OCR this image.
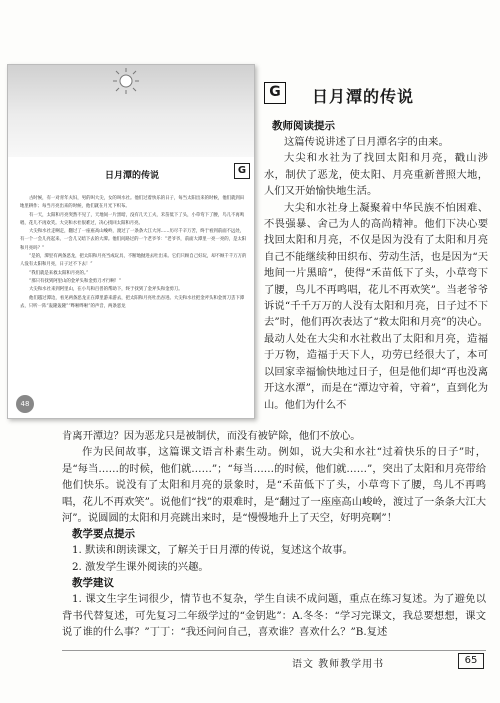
日月潭的传说	G

古时候，有一对青年夫妇，男的叫大尖，女的叫水社。他们过着快乐的日子，每当太阳出来的时候，他们就到田地里耕作；每当月亮出来的时候，他们就在月光下织布。

有一天，太阳和月亮突然不见了，天地间一片黑暗，没有几天工夫，禾苗低下了头，小草弯下了腰，鸟儿不再鸣唱，花儿不再欢笑。大尖和水社很难过，决心找回太阳和月亮。

大尖和水社走啊走，翻过了一座座高山峻岭，渡过了一条条大江大河……历尽千辛万苦，终于看到前面不远处，有一个一会儿亮起来、一会儿又暗下去的大潭。他们问路过的一个老爷爷：“老爷爷，前面大潭里一亮一亮的，是太阳和月亮吗？”

“是的，潭里有两条恶龙，把太阳和月亮当成玩具，不断地抛进去吐出来。它们只顾自己好玩，却不顾千千万万的人没有太阳和月亮，日子过不下去！”

“我们就是来救太阳和月亮的。”

“那只有找到阿里山的金斧头和金剪刀才行啊！”

大尖和水社来到阿里山，在小鸟和百兽的帮助下，终于找到了金斧头和金剪刀。

他们越过潭边，看见两条恶龙正在潭里游来游去，把太阳和月亮吐出吞进。大尖和水社把金斧头和金剪刀丢下潭去，只听一阵“轰隆轰隆”“哗啦哗啦”的声音，两条恶龙

48
G	日月潭的传说
教师阅读提示

这篇传说讲述了日月潭名字的由来。

大尖和水社为了找回太阳和月亮，戳山涉水，制伏了恶龙，使太阳、月亮重新普照大地，人们又开始愉快地生活。

大尖和水社身上凝聚着中华民族不怕困难、不畏强暴、舍己为人的高尚精神。他们下决心要找回太阳和月亮，不仅是因为没有了太阳和月亮自己不能继续种田织布、劳动生活，也是因为“天地间一片黑暗”，使得“禾苗低下了头，小草弯下了腰，鸟儿不再鸣唱，花儿不再欢笑”。当老爷爷诉说“千千万万的人没有太阳和月亮，日子过不下去”时，他们再次表达了“救太阳和月亮”的决心。最动人处在大尖和水社救出了太阳和月亮，造福于万物，造福于天下人，功劳已经很大了，本可以回家幸福愉快地过日子，但是他们却“再也没离开这水潭”，而是在“潭边守着，守着”，直到化为山。他们为什么不

肯离开潭边？因为恶龙只是被制伏，而没有被铲除，他们不放心。

作为民间故事，这篇课文语言朴素生动。例如，说大尖和水社“过着快乐的日子”时，是“每当……的时候，他们就……”；“每当……的时候，他们就……”，突出了太阳和月亮带给他们快乐。说没有了太阳和月亮的景象时，是“禾苗低下了头，小草弯下了腰，鸟儿不再鸣唱，花儿不再欢笑”。说他们“找”的艰难时，是“翻过了一座座高山峻岭，渡过了一条条大江大河”。说圆圆的太阳和月亮跳出来时，是“慢慢地升上了天空，好明亮啊”！

教学要点提示

1. 默读和朗读课文，了解关于日月潭的传说，复述这个故事。

2. 激发学生课外阅读的兴趣。

教学建议

1. 课文生字生词很少，情节也不复杂，学生自读不成问题，重点在练习复述。为了避免以背书代替复述，可先复习二年级学过的“金钥匙”：A.冬冬：“学习完课文，我总要想想，课文说了谁的什么事？”丁丁：“我还问问自己，喜欢谁？喜欢什么？”B.复述

语文 教师教学用书	65
